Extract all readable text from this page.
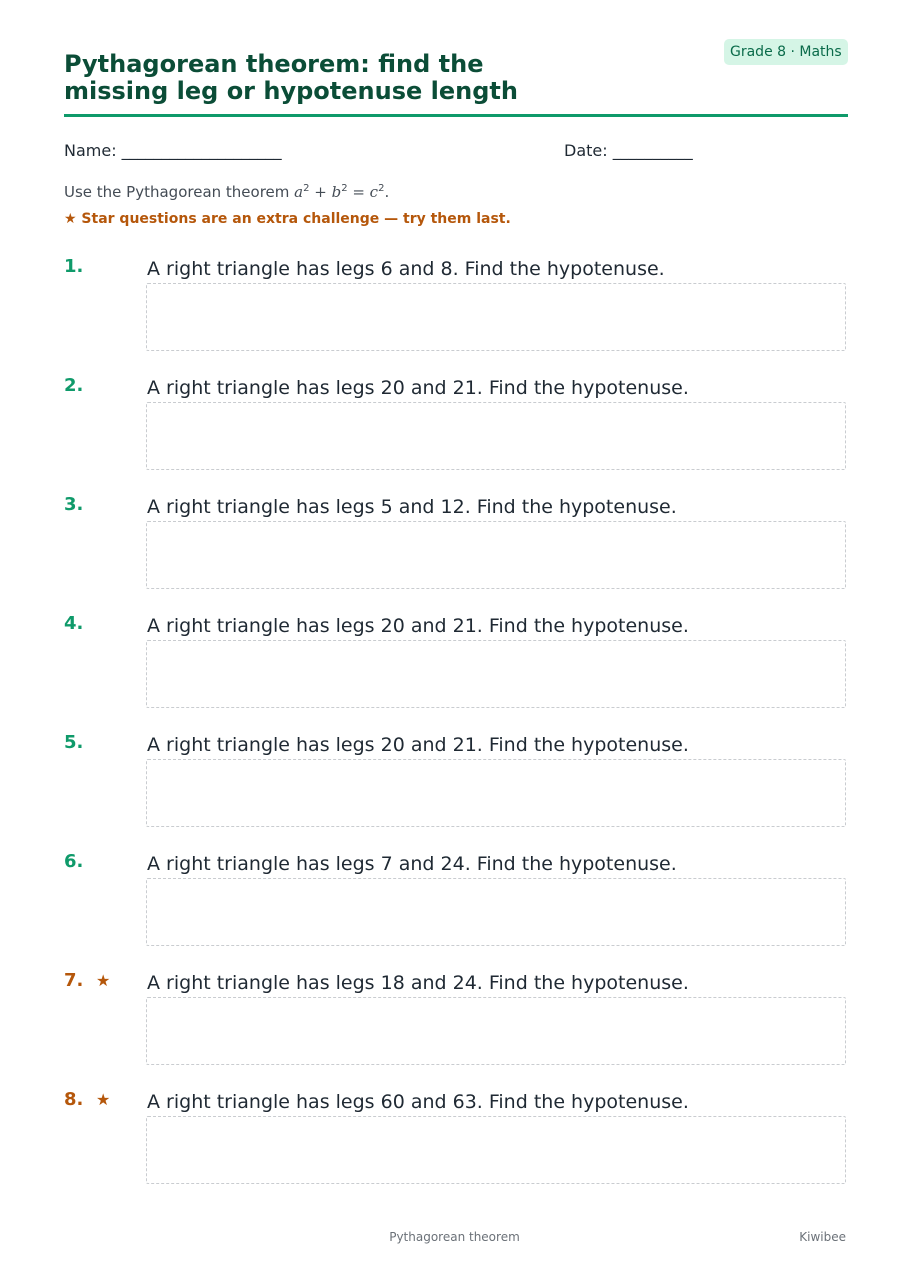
Grade 8 · Maths
Pythagorean theorem: find the
missing leg or hypotenuse length
Name: ____________________	Date: __________
Use the Pythagorean theorem $a^2 + b^2 = c^2$.
★ Star questions are an extra challenge — try them last.
1.	A right triangle has legs 6 and 8. Find the hypotenuse.
2.	A right triangle has legs 20 and 21. Find the hypotenuse.
3.	A right triangle has legs 5 and 12. Find the hypotenuse.
4.	A right triangle has legs 20 and 21. Find the hypotenuse.
5.	A right triangle has legs 20 and 21. Find the hypotenuse.
6.	A right triangle has legs 7 and 24. Find the hypotenuse.
7. ★ A right triangle has legs 18 and 24. Find the hypotenuse.
8. ★ A right triangle has legs 60 and 63. Find the hypotenuse.
Pythagorean theorem	Kiwibee
